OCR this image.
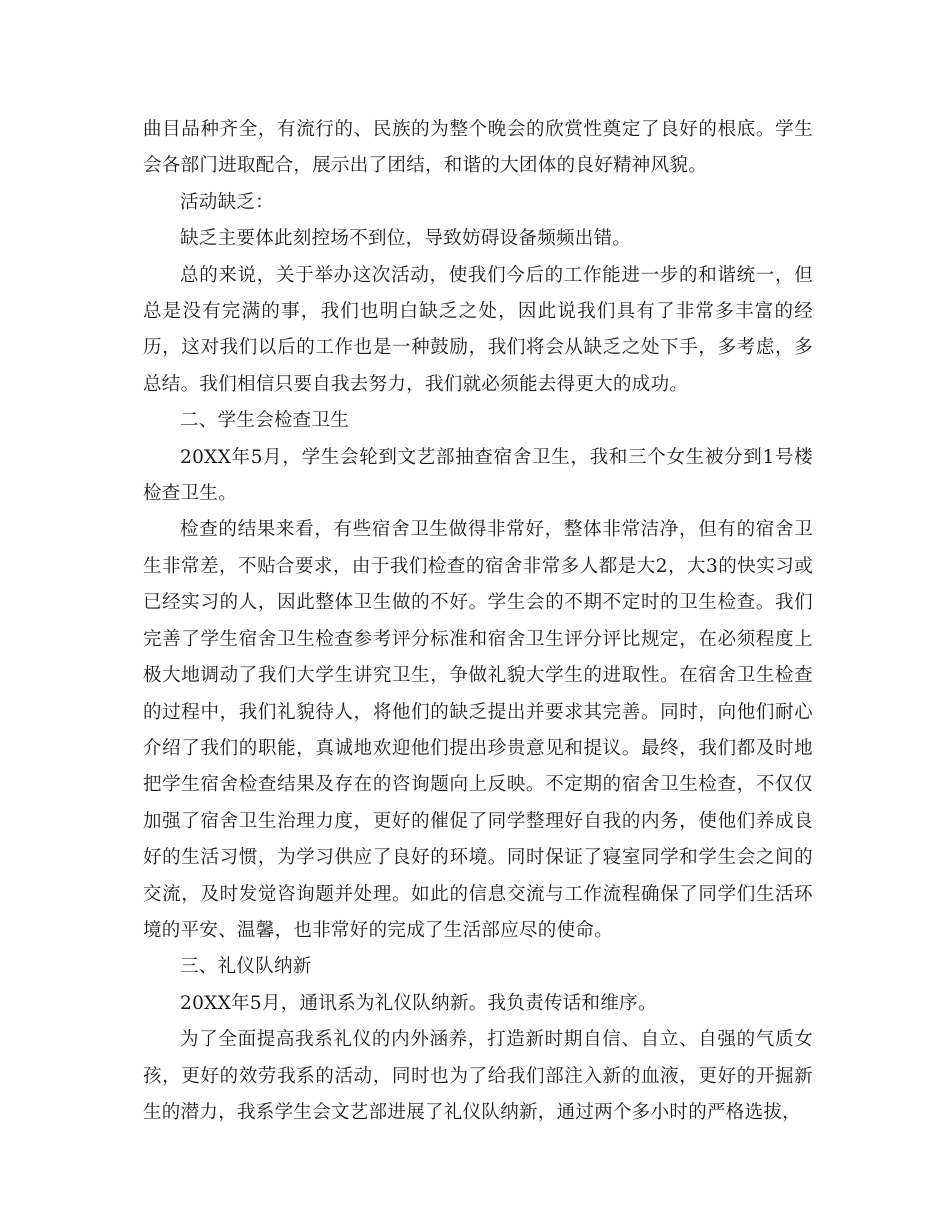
曲目品种齐全，有流行的、民族的为整个晚会的欣赏性奠定了良好的根底。学生会各部门进取配合，展示出了团结，和谐的大团体的良好精神风貌。

活动缺乏：

缺乏主要体此刻控场不到位，导致妨碍设备频频出错。

总的来说，关于举办这次活动，使我们今后的工作能进一步的和谐统一，但总是没有完满的事，我们也明白缺乏之处，因此说我们具有了非常多丰富的经历，这对我们以后的工作也是一种鼓励，我们将会从缺乏之处下手，多考虑，多总结。我们相信只要自我去努力，我们就必须能去得更大的成功。

二、学生会检查卫生

20XX年5月，学生会轮到文艺部抽查宿舍卫生，我和三个女生被分到1号楼检查卫生。

检查的结果来看，有些宿舍卫生做得非常好，整体非常洁净，但有的宿舍卫生非常差，不贴合要求，由于我们检查的宿舍非常多人都是大2，大3的快实习或已经实习的人，因此整体卫生做的不好。学生会的不期不定时的卫生检查。我们完善了学生宿舍卫生检查参考评分标准和宿舍卫生评分评比规定，在必须程度上极大地调动了我们大学生讲究卫生，争做礼貌大学生的进取性。在宿舍卫生检查的过程中，我们礼貌待人，将他们的缺乏提出并要求其完善。同时，向他们耐心介绍了我们的职能，真诚地欢迎他们提出珍贵意见和提议。最终，我们都及时地把学生宿舍检查结果及存在的咨询题向上反映。不定期的宿舍卫生检查，不仅仅加强了宿舍卫生治理力度，更好的催促了同学整理好自我的内务，使他们养成良好的生活习惯，为学习供应了良好的环境。同时保证了寝室同学和学生会之间的交流，及时发觉咨询题并处理。如此的信息交流与工作流程确保了同学们生活环境的平安、温馨，也非常好的完成了生活部应尽的使命。

三、礼仪队纳新

20XX年5月，通讯系为礼仪队纳新。我负责传话和维序。

为了全面提高我系礼仪的内外涵养，打造新时期自信、自立、自强的气质女孩，更好的效劳我系的活动，同时也为了给我们部注入新的血液，更好的开掘新生的潜力，我系学生会文艺部进展了礼仪队纳新，通过两个多小时的严格选拔，
